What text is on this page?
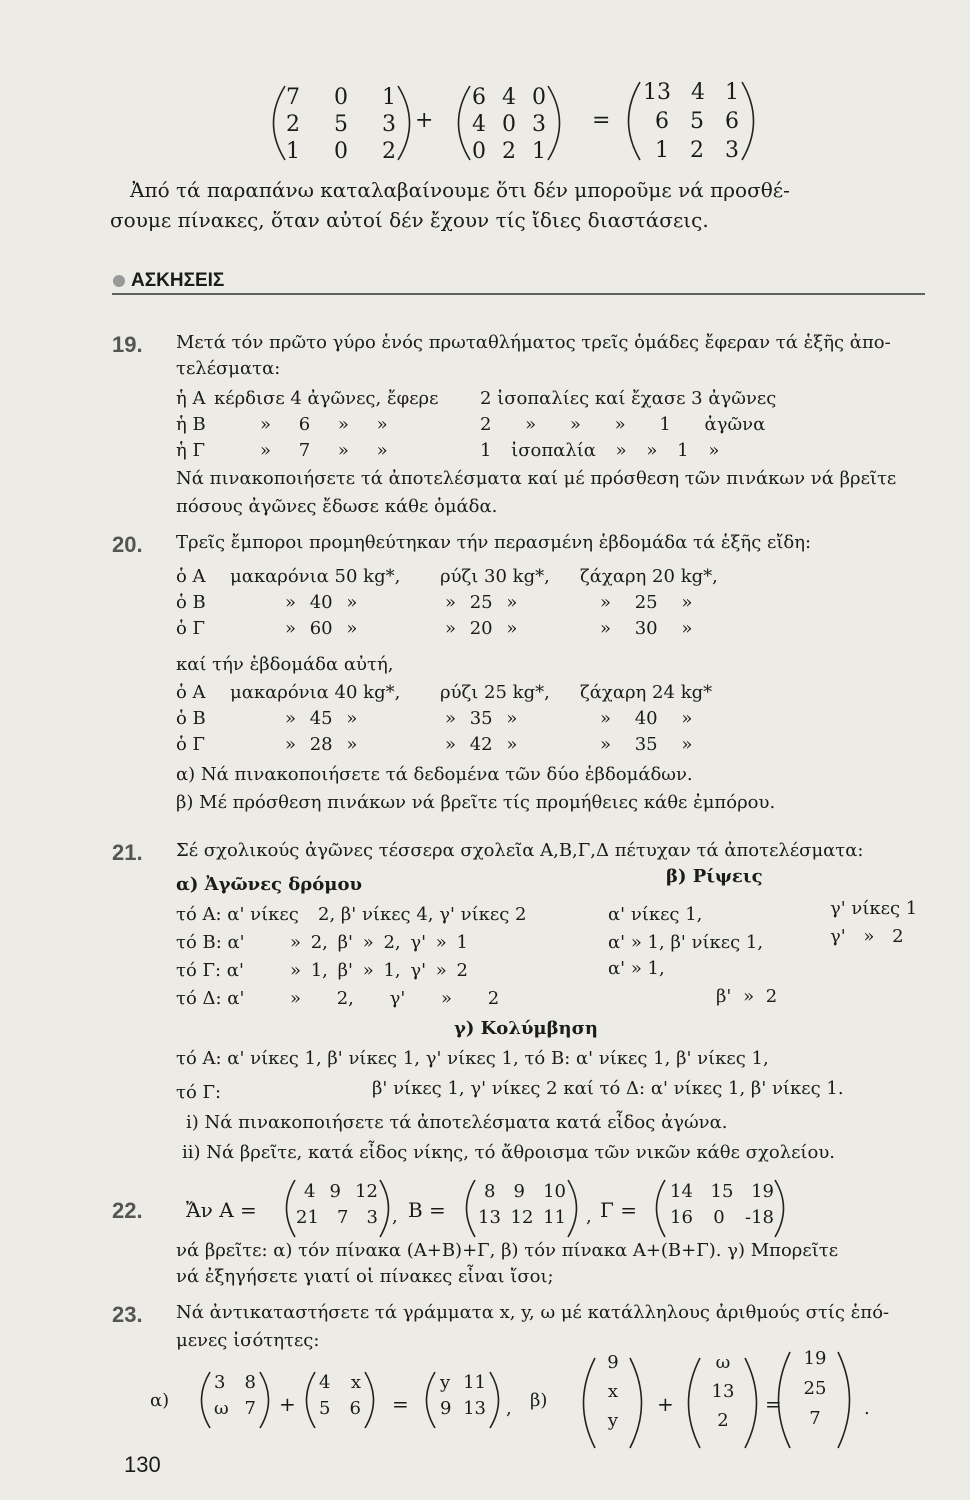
7 0 1
2 5 3
1 0 2
+
6 4 0
4 0 3
0 2 1
=
13 4 1
6 5 6
1 2 3
Ἀπό τά παραπάνω καταλαβαίνουμε ὅτι δέν μποροῦμε νά προσθέ-
σουμε πίνακες, ὅταν αὐτοί δέν ἔχουν τίς ἴδιες διαστάσεις.
ΑΣΚΗΣΕΙΣ
19. Μετά τόν πρῶτο γύρο ἑνός πρωταθλήματος τρεῖς ὁμάδες ἔφεραν τά ἑξῆς ἀπο-
τελέσματα:
ἡ Α κέρδισε 4 ἀγῶνες, ἔφερε 2 ἰσοπαλίες καί ἔχασε 3 ἀγῶνες
ἡ Β	» 6 » »	2 » » » 1 ἀγῶνα
ἡ Γ	» 7 » »	1 ἰσοπαλία » » 1 »
Νά πινακοποιήσετε τά ἀποτελέσματα καί μέ πρόσθεση τῶν πινάκων νά βρεῖτε
πόσους ἀγῶνες ἔδωσε κάθε ὁμάδα.
20. Τρεῖς ἔμποροι προμηθεύτηκαν τήν περασμένη ἑβδομάδα τά ἑξῆς εἴδη:
ὁ Α μακαρόνια 50 kg*, ρύζι 30 kg*, ζάχαρη 20 kg*,
ὁ Β	» 40 »	» 25 »	» 25 »
ὁ Γ	» 60 »	» 20 »	» 30 »
καί τήν ἑβδομάδα αὐτή,
ὁ Α μακαρόνια 40 kg*, ρύζι 25 kg*, ζάχαρη 24 kg*
ὁ Β	» 45 »	» 35 »	» 40 »
ὁ Γ	» 28 »	» 42 »	» 35 »
α) Νά πινακοποιήσετε τά δεδομένα τῶν δύο ἑβδομάδων.
β) Μέ πρόσθεση πινάκων νά βρεῖτε τίς προμήθειες κάθε ἐμπόρου.
21. Σέ σχολικούς ἀγῶνες τέσσερα σχολεῖα Α,Β,Γ,Δ πέτυχαν τά ἀποτελέσματα:
α) Ἀγῶνες δρόμου	β) Ρίψεις
τό Α: α' νίκες 2, β' νίκες 4, γ' νίκες 2	α' νίκες 1,	γ' νίκες 1
τό Β: α'	» 2, β' » 2, γ' » 1	α' » 1, β' νίκες 1,	γ' » 2
τό Γ: α'	» 1, β' » 1, γ' » 2	α' » 1,
τό Δ: α'	» 2, γ' » 2	β' » 2
γ) Κολύμβηση
τό Α: α' νίκες 1, β' νίκες 1, γ' νίκες 1, τό Β: α' νίκες 1, β' νίκες 1,
τό Γ:	β' νίκες 1, γ' νίκες 2 καί τό Δ: α' νίκες 1, β' νίκες 1.
i) Νά πινακοποιήσετε τά ἀποτελέσματα κατά εἶδος ἀγώνα.
ii) Νά βρεῖτε, κατά εἶδος νίκης, τό ἄθροισμα τῶν νικῶν κάθε σχολείου.
22. Ἄν Α =
4 9 12
21 7 3 , Β =
8 9 10
13 12 11 , Γ =
14 15 19
16 0 -18
νά βρεῖτε: α) τόν πίνακα (Α+Β)+Γ, β) τόν πίνακα Α+(Β+Γ). γ) Μπορεῖτε
νά ἐξηγήσετε γιατί οἱ πίνακες εἶναι ἴσοι;
23. Νά ἀντικαταστήσετε τά γράμματα x, y, ω μέ κατάλληλους ἀριθμούς στίς ἑπό-
μενες ἰσότητες:
α)
3 8
ω 7 +
4 x
5 6 =
y 11
9 13 , β)
9
x
y
+
ω
13
2
=
19
25
7	.
130
